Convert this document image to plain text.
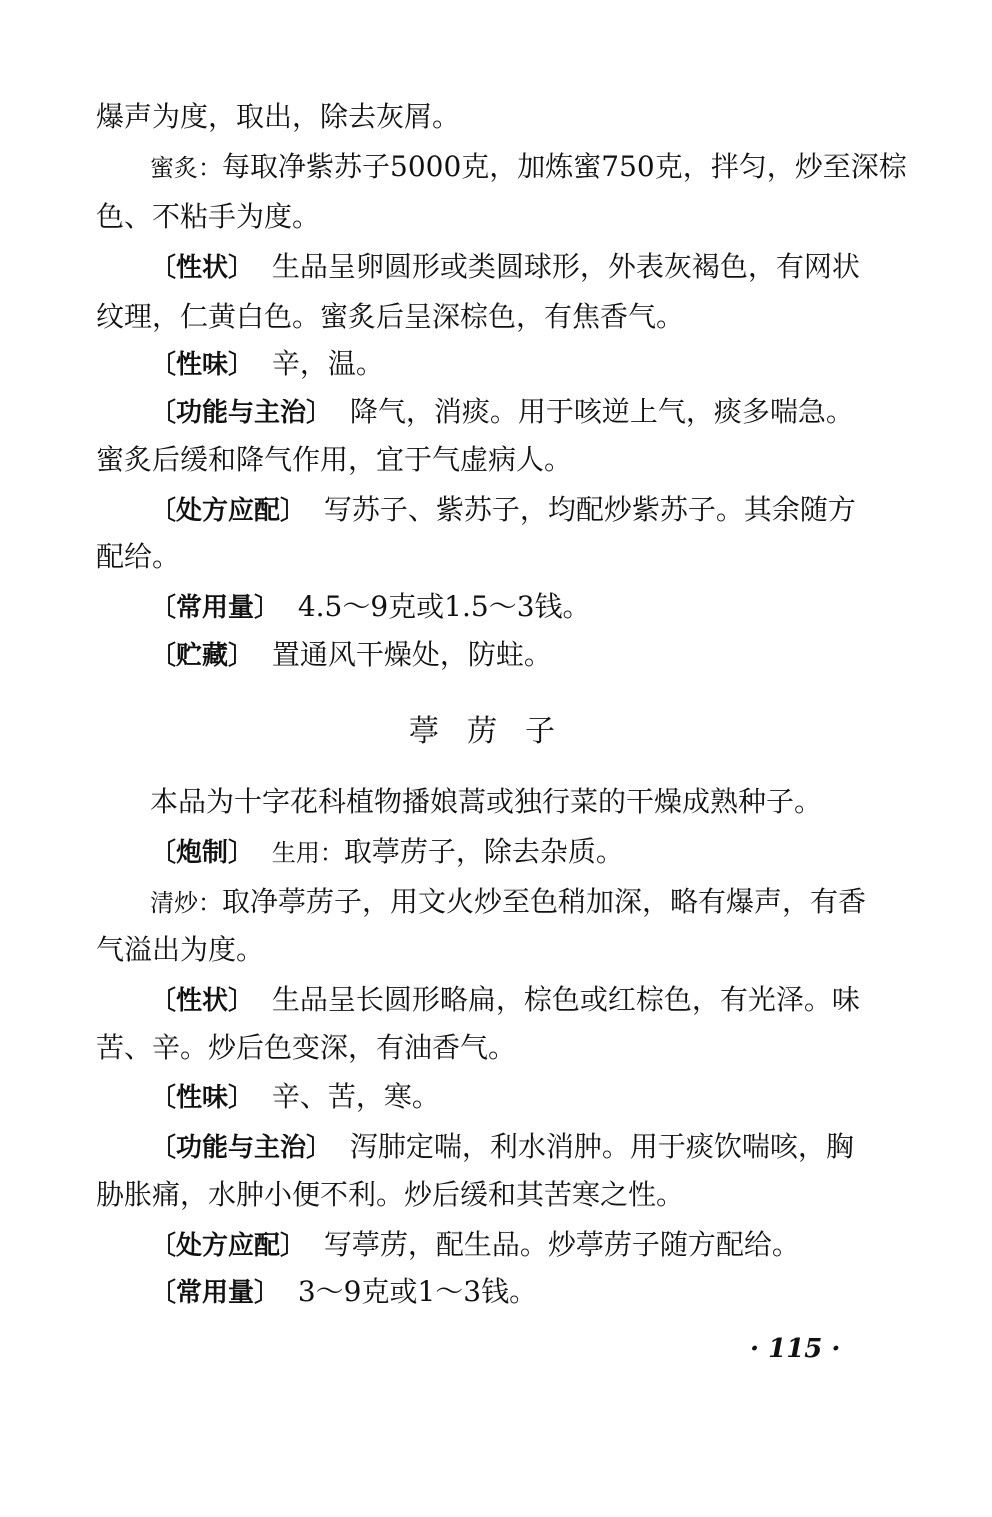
爆声为度，取出，除去灰屑。
蜜炙：每取净紫苏子5000克，加炼蜜750克，拌匀，炒至深棕
色、不粘手为度。
〔性状〕 生品呈卵圆形或类圆球形，外表灰褐色，有网状
纹理，仁黄白色。蜜炙后呈深棕色，有焦香气。
〔性味〕 辛，温。
〔功能与主治〕 降气，消痰。用于咳逆上气，痰多喘急。
蜜炙后缓和降气作用，宜于气虚病人。
〔处方应配〕 写苏子、紫苏子，均配炒紫苏子。其余随方
配给。
〔常用量〕 4.5～9克或1.5～3钱。
〔贮藏〕 置通风干燥处，防蛀。
葶苈子
本品为十字花科植物播娘蒿或独行菜的干燥成熟种子。
〔炮制〕 生用：取葶苈子，除去杂质。
清炒：取净葶苈子，用文火炒至色稍加深，略有爆声，有香
气溢出为度。
〔性状〕 生品呈长圆形略扁，棕色或红棕色，有光泽。味
苦、辛。炒后色变深，有油香气。
〔性味〕 辛、苦，寒。
〔功能与主治〕 泻肺定喘，利水消肿。用于痰饮喘咳，胸
胁胀痛，水肿小便不利。炒后缓和其苦寒之性。
〔处方应配〕 写葶苈，配生品。炒葶苈子随方配给。
〔常用量〕 3～9克或1～3钱。
· 115 ·
